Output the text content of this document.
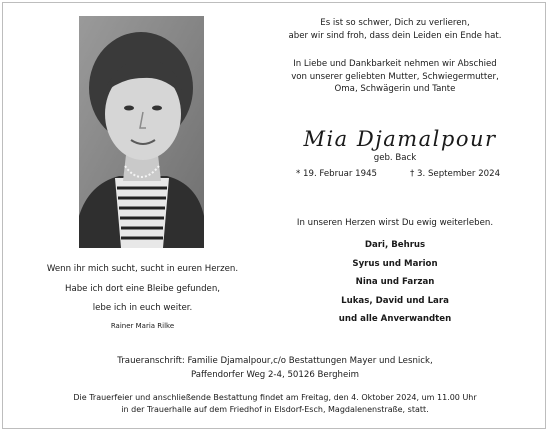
Es ist so schwer, Dich zu verlieren,
aber wir sind froh, dass dein Leiden ein Ende hat.
In Liebe und Dankbarkeit nehmen wir Abschied
von unserer geliebten Mutter, Schwiegermutter,
Oma, Schwägerin und Tante
Mia Djamalpour
geb. Back
* 19. Februar 1945	† 3. September 2024
In unseren Herzen wirst Du ewig weiterleben.
Dari, Behrus
Syrus und Marion
Nina und Farzan
Lukas, David und Lara
und alle Anverwandten
Wenn ihr mich sucht, sucht in euren Herzen.
Habe ich dort eine Bleibe gefunden,
lebe ich in euch weiter.
Rainer Maria Rilke
Traueranschrift: Familie Djamalpour,c/o Bestattungen Mayer und Lesnick,
Paffendorfer Weg 2-4, 50126 Bergheim
Die Trauerfeier und anschließende Bestattung findet am Freitag, den 4. Oktober 2024, um 11.00 Uhr
in der Trauerhalle auf dem Friedhof in Elsdorf-Esch, Magdalenenstraße, statt.
